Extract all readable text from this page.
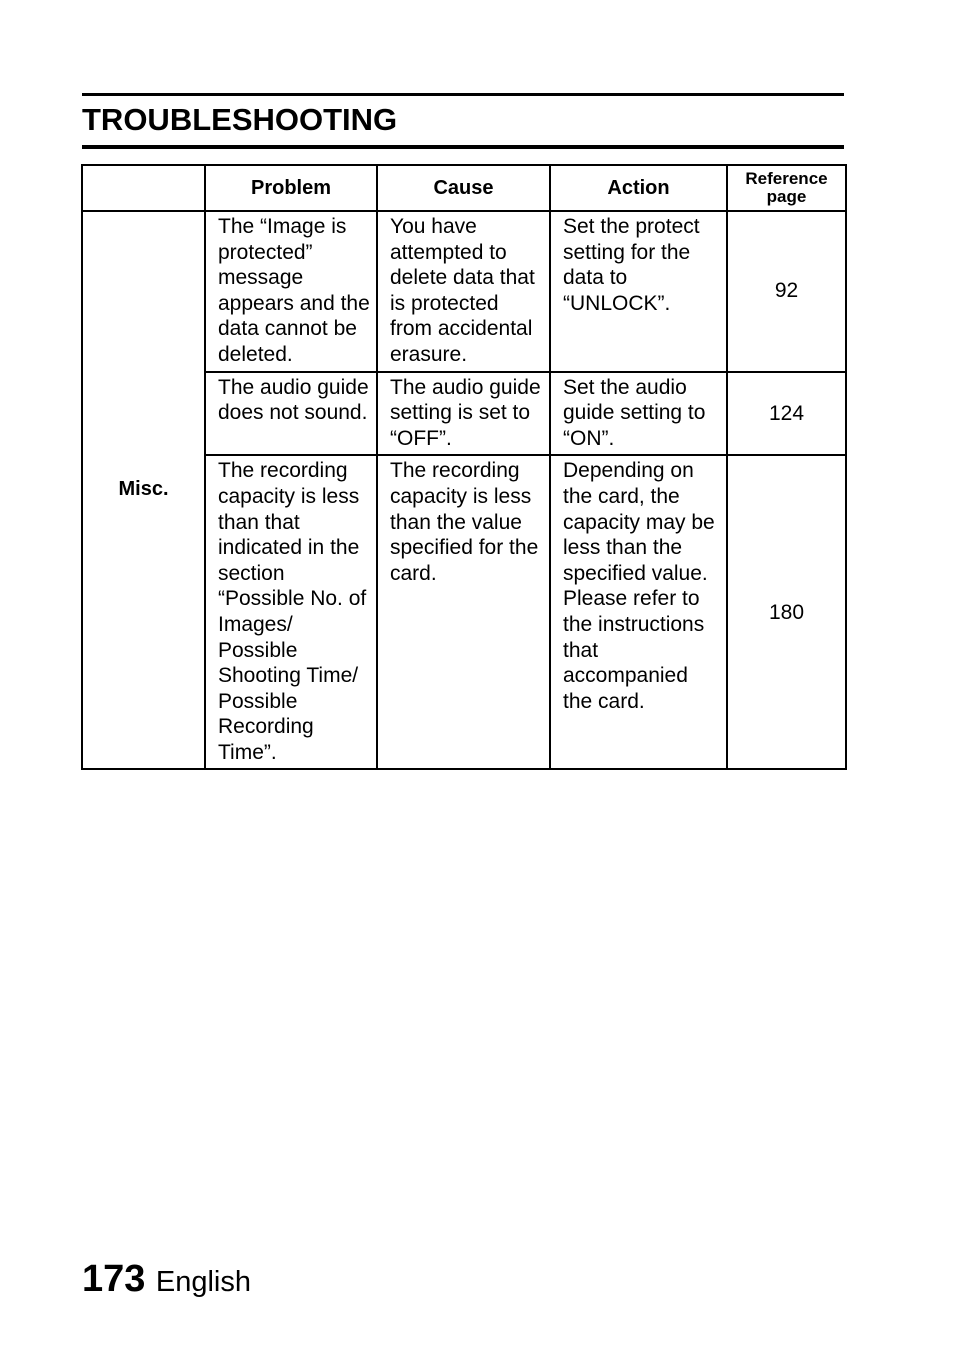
TROUBLESHOOTING
	Problem	Cause	Action	Reference page
Misc.	The “Image is protected” message appears and the data cannot be deleted.	You have attempted to delete data that is protected from accidental erasure.	Set the protect setting for the data to “UNLOCK”.	92
	The audio guide does not sound.	The audio guide setting is set to “OFF”.	Set the audio guide setting to “ON”.	124
	The recording capacity is less than that indicated in the section “Possible No. of Images/ Possible Shooting Time/ Possible Recording Time”.	The recording capacity is less than the value specified for the card.	Depending on the card, the capacity may be less than the specified value. Please refer to the instructions that accompanied the card.	180
173 English
